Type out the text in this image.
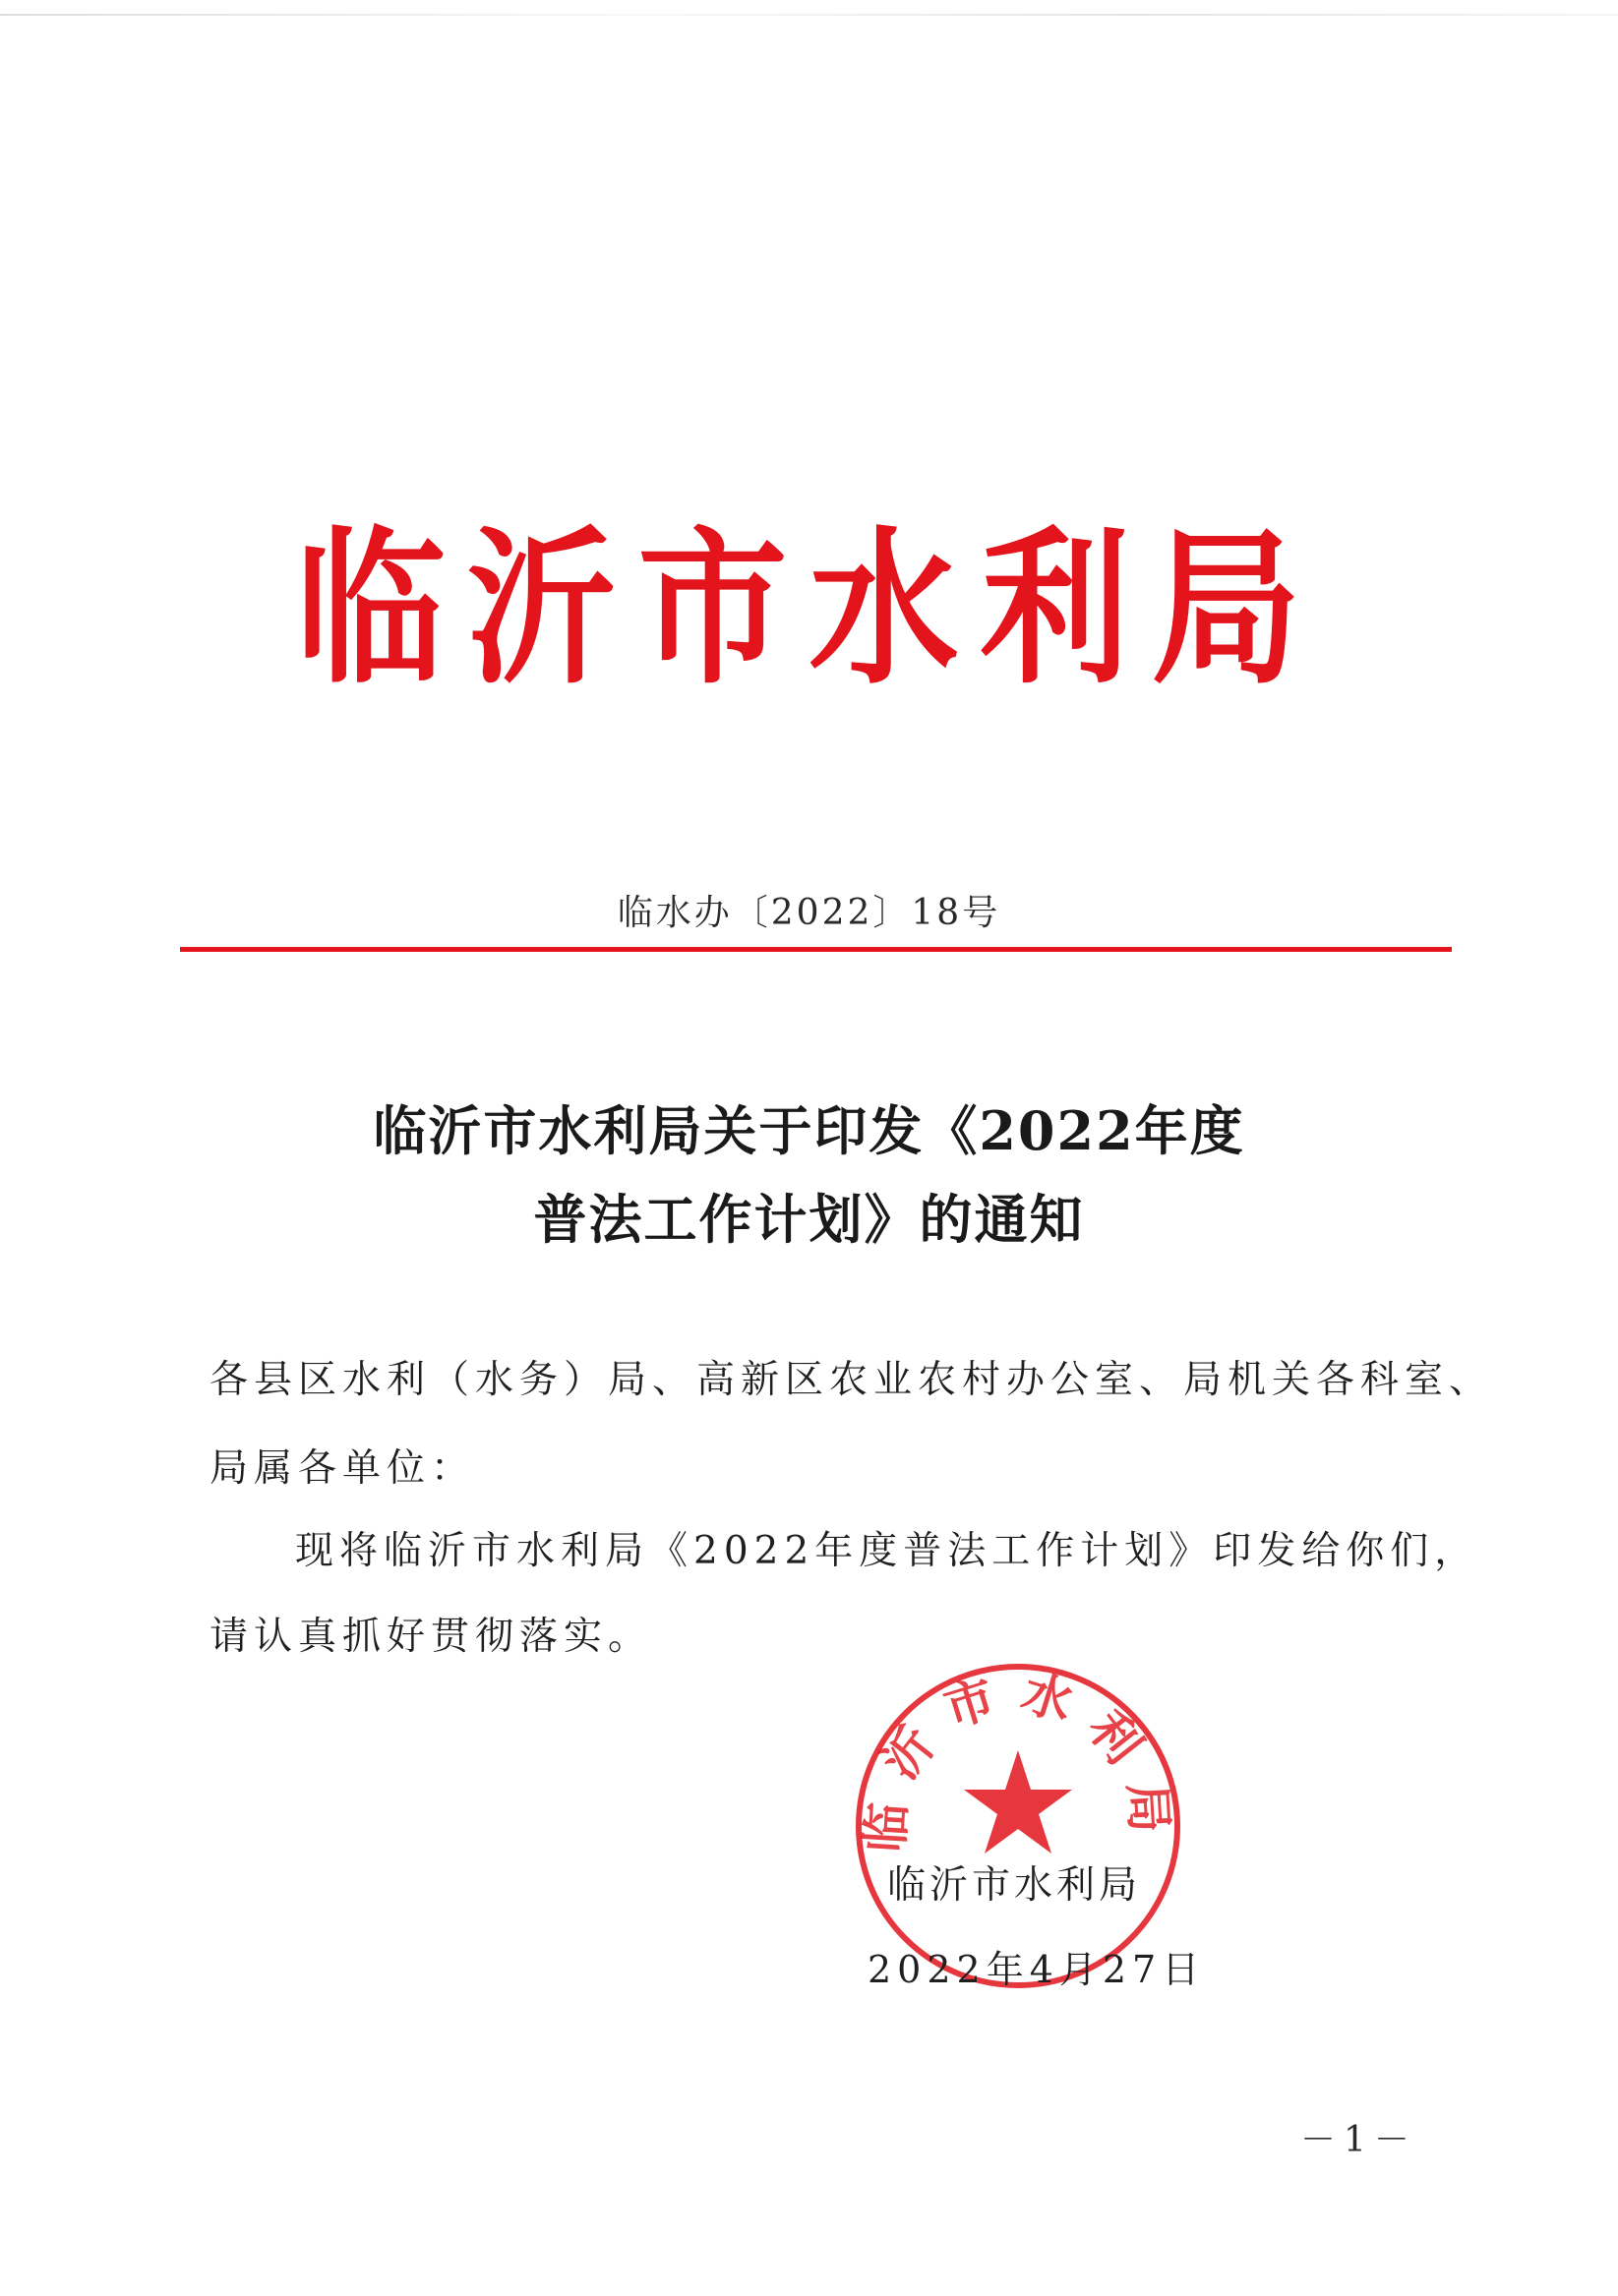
临沂市水利局
临水办〔2022〕18号
临沂市水利局关于印发《2022年度
普法工作计划》的通知
各县区水利（水务）局、高新区农业农村办公室、局机关各科室、
局属各单位：
现将临沂市水利局《2022年度普法工作计划》印发给你们，
请认真抓好贯彻落实。
临沂市水利局
临沂市水利局
2022年4月27日
－1－
